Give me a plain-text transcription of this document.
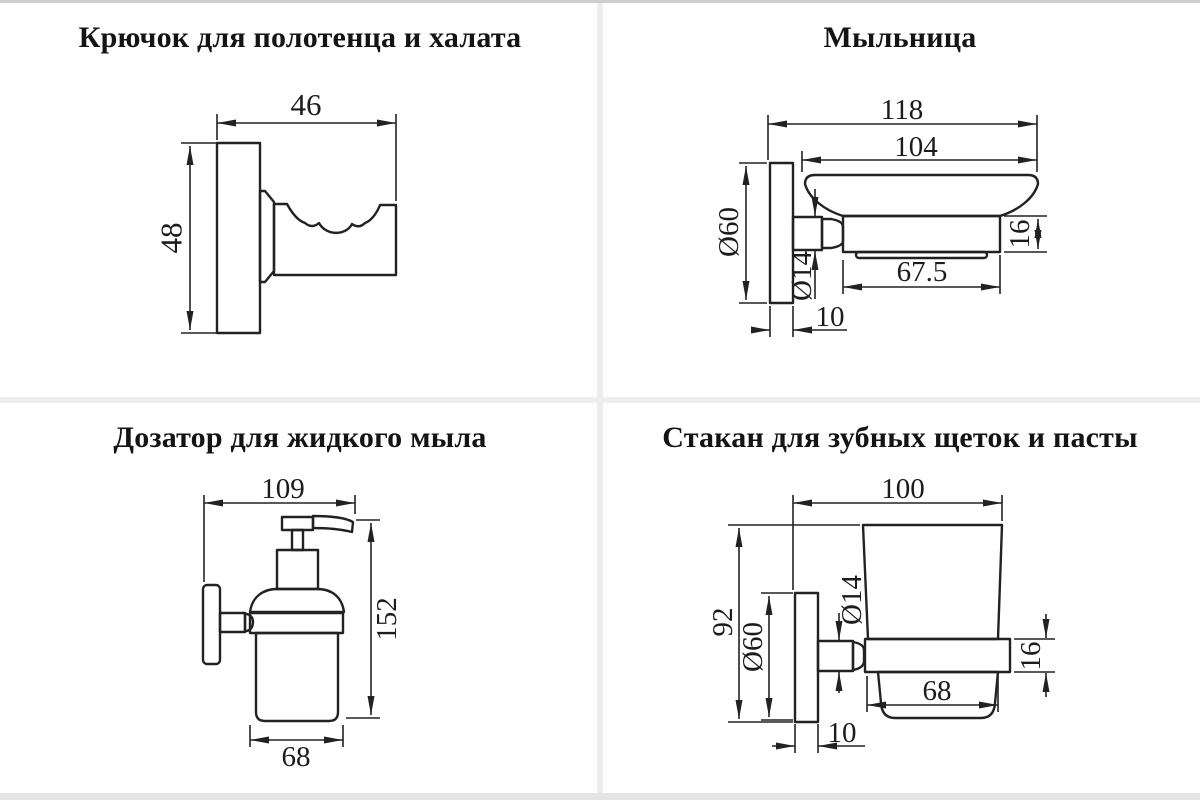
Крючок для полотенца и халата
46
48
Мыльница
118
104
Ø60
Ø14
16
67.5
10
Дозатор для жидкого мыла
109
152
68
Стакан для зубных щеток и пасты
100
92
Ø60
Ø14
16
68
10
